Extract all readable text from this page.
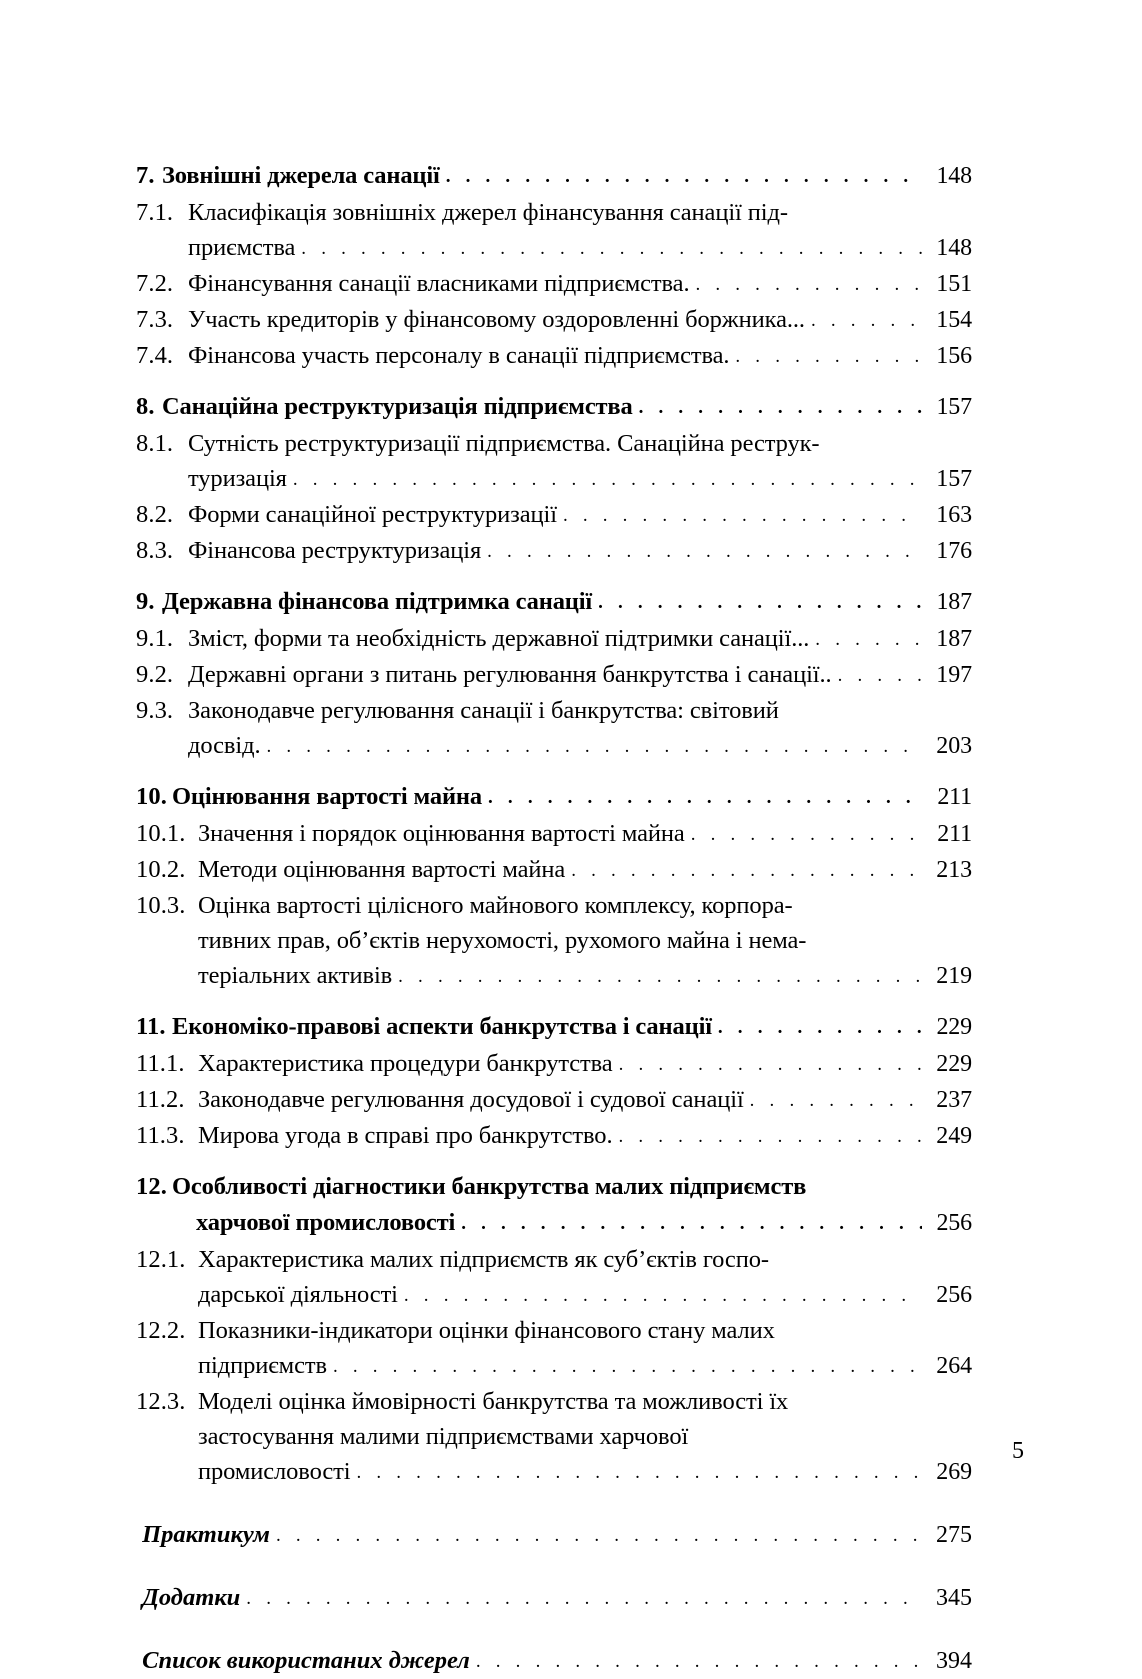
7. Зовнішні джерела санації . . .	148
7.1. Класифікація зовнішніх джерел фінансування санації під-

приємства . . .	148
7.2. Фінансування санації власниками підприємства. . . .	151
7.3. Участь кредиторів у фінансовому оздоровленні боржника... . . .	154
7.4. Фінансова участь персоналу в санації підприємства. . . .	156
8. Санаційна реструктуризація підприємства . . .	157
8.1. Сутність реструктуризації підприємства. Санаційна реструк-

туризація . . .	157
8.2. Форми санаційної реструктуризації . . .	163
8.3. Фінансова реструктуризація . . .	176
9. Державна фінансова підтримка санації . . .	187
9.1. Зміст, форми та необхідність державної підтримки санації... . . .	187
9.2. Державні органи з питань регулювання банкрутства і санації.. . . .	197
9.3. Законодавче регулювання санації і банкрутства: світовий

досвід. . . .	203
10. Оцінювання вартості майна . . .	211
10.1. Значення і порядок оцінювання вартості майна . . .	211
10.2. Методи оцінювання вартості майна . . .	213
10.3. Оцінка вартості цілісного майнового комплексу, корпора-

тивних прав, об’єктів нерухомості, рухомого майна і нема-

теріальних активів . . .	219
11. Економіко-правові аспекти банкрутства і санації . . .	229
11.1. Характеристика процедури банкрутства . . .	229
11.2. Законодавче регулювання досудової і судової санації . . .	237
11.3. Мирова угода в справі про банкрутство. . . .	249
12. Особливості діагностики банкрутства малих підприємств

харчової промисловості . . .	256
12.1. Характеристика малих підприємств як суб’єктів госпо-

дарської діяльності . . .	256
12.2. Показники-індикатори оцінки фінансового стану малих

підприємств . . .	264
12.3. Моделі оцінка ймовірності банкрутства та можливості їх

застосування малими підприємствами харчової

промисловості . . .	269

Практикум . . .	275

Додатки . . .	345

Список використаних джерел . . .	394
5
